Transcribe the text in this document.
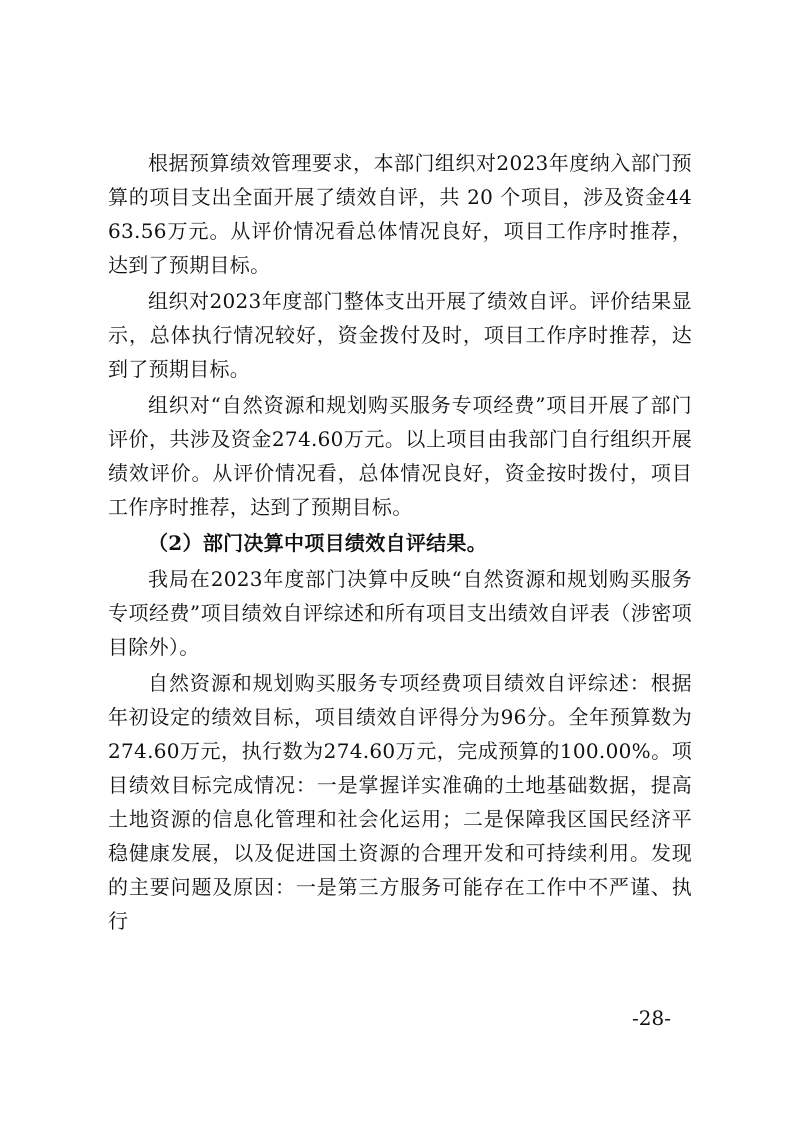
根据预算绩效管理要求，本部门组织对2023年度纳入部门预算的项目支出全面开展了绩效自评，共 20 个项目，涉及资金4463.56万元。从评价情况看总体情况良好，项目工作序时推荐，达到了预期目标。

组织对2023年度部门整体支出开展了绩效自评。评价结果显示，总体执行情况较好，资金拨付及时，项目工作序时推荐，达到了预期目标。

组织对“自然资源和规划购买服务专项经费”项目开展了部门评价，共涉及资金274.60万元。以上项目由我部门自行组织开展绩效评价。从评价情况看，总体情况良好，资金按时拨付，项目工作序时推荐，达到了预期目标。

（2）部门决算中项目绩效自评结果。

我局在2023年度部门决算中反映“自然资源和规划购买服务专项经费”项目绩效自评综述和所有项目支出绩效自评表（涉密项目除外）。

自然资源和规划购买服务专项经费项目绩效自评综述：根据年初设定的绩效目标，项目绩效自评得分为96分。全年预算数为274.60万元，执行数为274.60万元，完成预算的100.00%。项目绩效目标完成情况：一是掌握详实准确的土地基础数据，提高土地资源的信息化管理和社会化运用；二是保障我区国民经济平稳健康发展，以及促进国土资源的合理开发和可持续利用。发现的主要问题及原因：一是第三方服务可能存在工作中不严谨、执行

-28-
